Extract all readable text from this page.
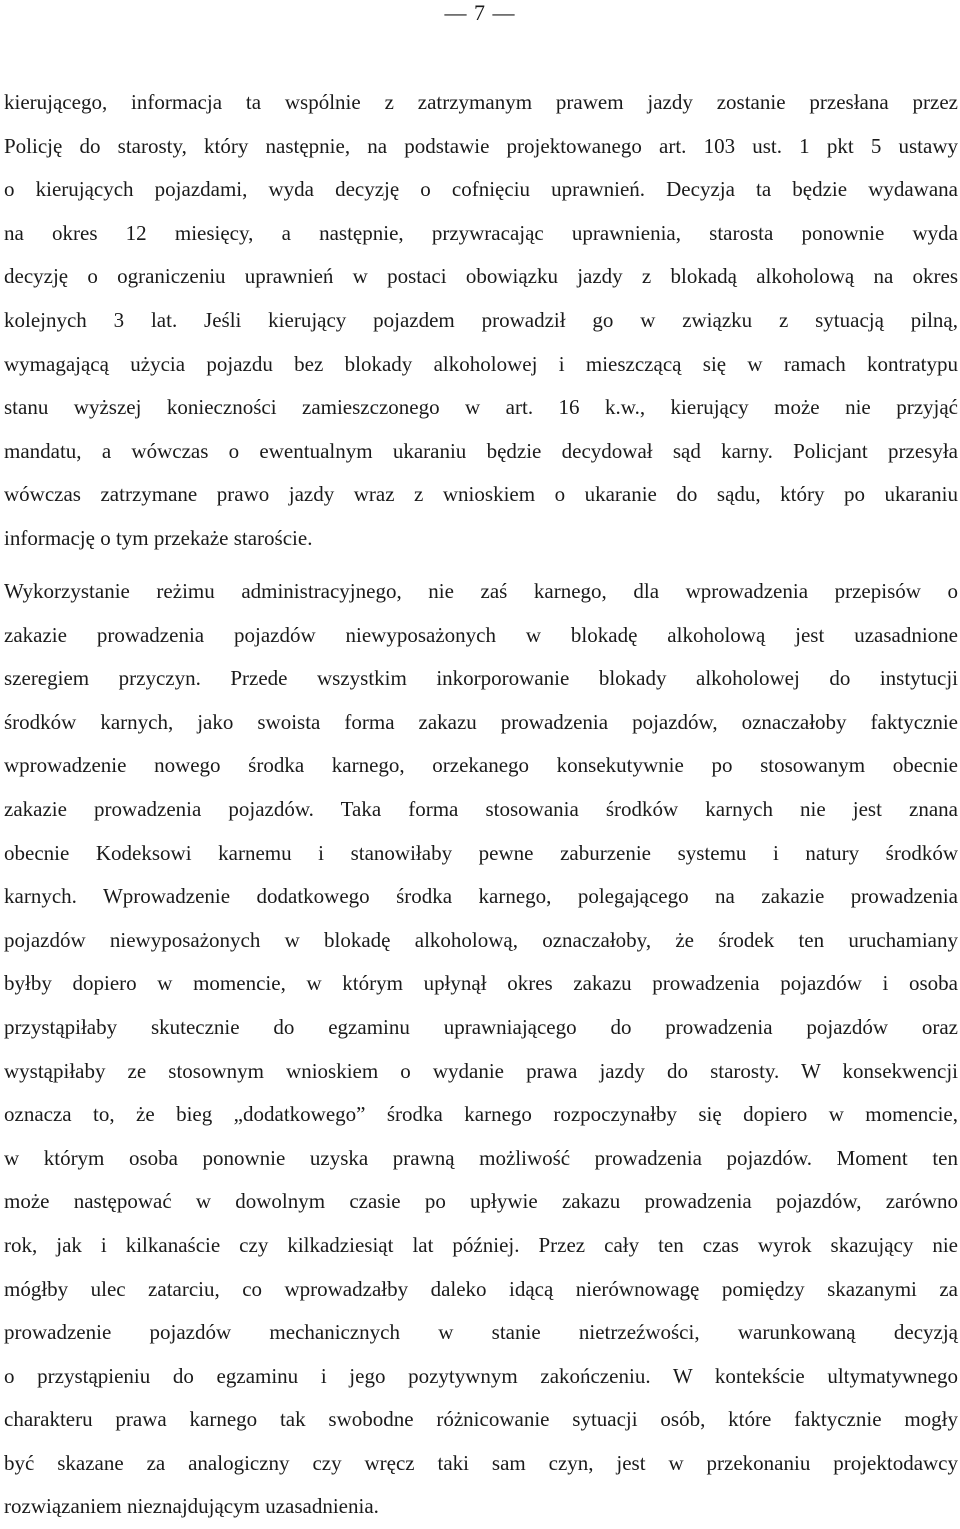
— 7 —
kierującego, informacja ta wspólnie z zatrzymanym prawem jazdy zostanie przesłana przez
Policję do starosty, który następnie, na podstawie projektowanego art. 103 ust. 1 pkt 5 ustawy
o kierujących pojazdami, wyda decyzję o cofnięciu uprawnień. Decyzja ta będzie wydawana
na okres 12 miesięcy, a następnie, przywracając uprawnienia, starosta ponownie wyda
decyzję o ograniczeniu uprawnień w postaci obowiązku jazdy z blokadą alkoholową na okres
kolejnych 3 lat. Jeśli kierujący pojazdem prowadził go w związku z sytuacją pilną,
wymagającą użycia pojazdu bez blokady alkoholowej i mieszczącą się w ramach kontratypu
stanu wyższej konieczności zamieszczonego w art. 16 k.w., kierujący może nie przyjąć
mandatu, a wówczas o ewentualnym ukaraniu będzie decydował sąd karny. Policjant przesyła
wówczas zatrzymane prawo jazdy wraz z wnioskiem o ukaranie do sądu, który po ukaraniu
informację o tym przekaże staroście.
Wykorzystanie reżimu administracyjnego, nie zaś karnego, dla wprowadzenia przepisów o
zakazie prowadzenia pojazdów niewyposażonych w blokadę alkoholową jest uzasadnione
szeregiem przyczyn. Przede wszystkim inkorporowanie blokady alkoholowej do instytucji
środków karnych, jako swoista forma zakazu prowadzenia pojazdów, oznaczałoby faktycznie
wprowadzenie nowego środka karnego, orzekanego konsekutywnie po stosowanym obecnie
zakazie prowadzenia pojazdów. Taka forma stosowania środków karnych nie jest znana
obecnie Kodeksowi karnemu i stanowiłaby pewne zaburzenie systemu i natury środków
karnych. Wprowadzenie dodatkowego środka karnego, polegającego na zakazie prowadzenia
pojazdów niewyposażonych w blokadę alkoholową, oznaczałoby, że środek ten uruchamiany
byłby dopiero w momencie, w którym upłynął okres zakazu prowadzenia pojazdów i osoba
przystąpiłaby skutecznie do egzaminu uprawniającego do prowadzenia pojazdów oraz
wystąpiłaby ze stosownym wnioskiem o wydanie prawa jazdy do starosty. W konsekwencji
oznacza to, że bieg „dodatkowego” środka karnego rozpoczynałby się dopiero w momencie,
w którym osoba ponownie uzyska prawną możliwość prowadzenia pojazdów. Moment ten
może następować w dowolnym czasie po upływie zakazu prowadzenia pojazdów, zarówno
rok, jak i kilkanaście czy kilkadziesiąt lat później. Przez cały ten czas wyrok skazujący nie
mógłby ulec zatarciu, co wprowadzałby daleko idącą nierównowagę pomiędzy skazanymi za
prowadzenie pojazdów mechanicznych w stanie nietrzeźwości, warunkowaną decyzją
o przystąpieniu do egzaminu i jego pozytywnym zakończeniu. W kontekście ultymatywnego
charakteru prawa karnego tak swobodne różnicowanie sytuacji osób, które faktycznie mogły
być skazane za analogiczny czy wręcz taki sam czyn, jest w przekonaniu projektodawcy
rozwiązaniem nieznajdującym uzasadnienia.
